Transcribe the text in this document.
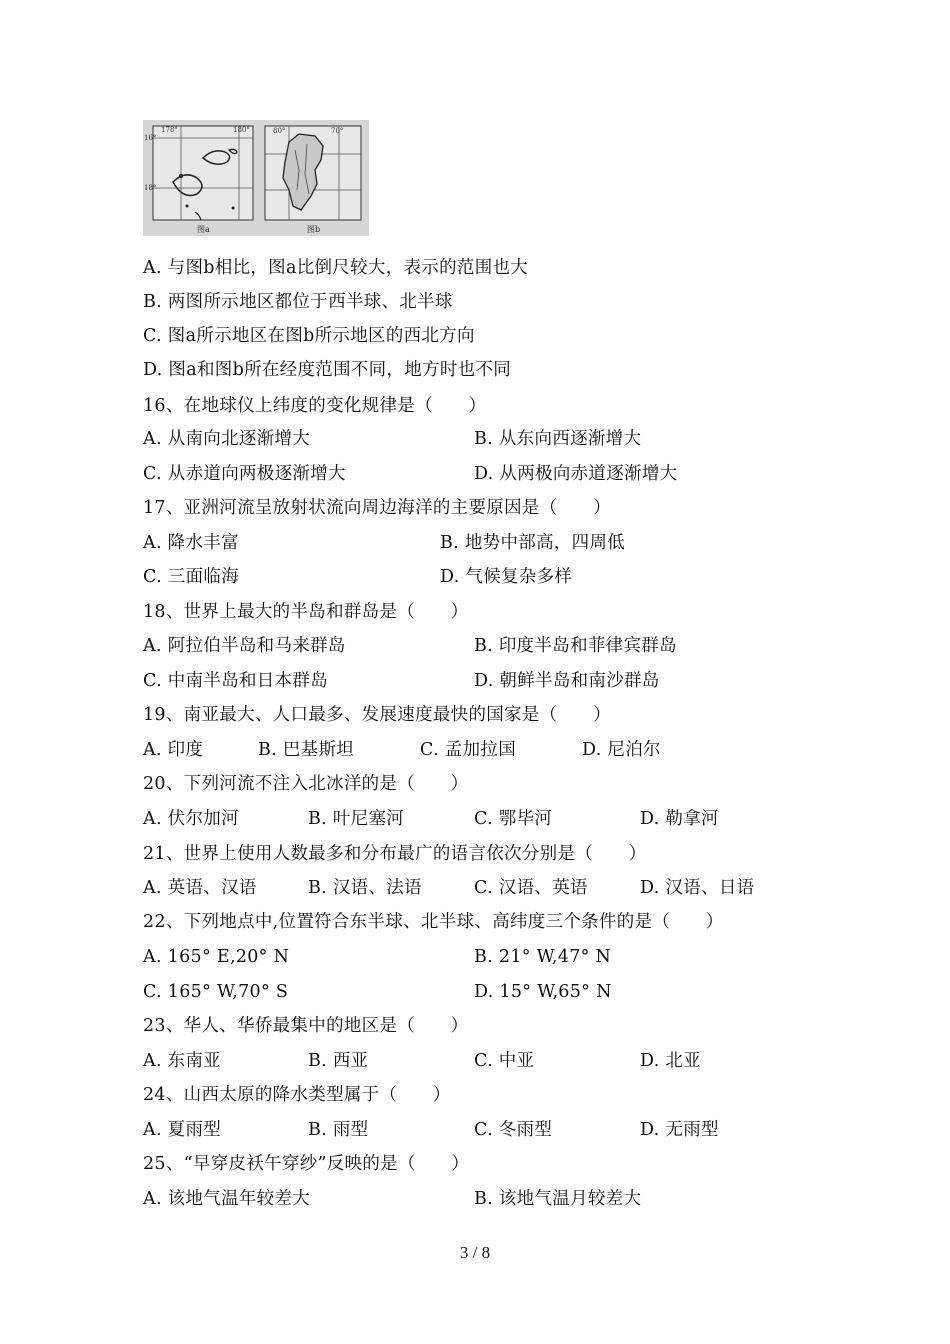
178°	180°
16°
18°
图a
80°	70°
图b
A. 与图b相比，图a比倒尺较大，表示的范围也大
B. 两图所示地区都位于西半球、北半球
C. 图a所示地区在图b所示地区的西北方向
D. 图a和图b所在经度范围不同，地方时也不同
16、在地球仪上纬度的变化规律是（　　）
A. 从南向北逐渐增大	B. 从东向西逐渐增大
C. 从赤道向两极逐渐增大	D. 从两极向赤道逐渐增大
17、亚洲河流呈放射状流向周边海洋的主要原因是（　　）
A. 降水丰富	B. 地势中部高，四周低
C. 三面临海	D. 气候复杂多样
18、世界上最大的半岛和群岛是（　　）
A. 阿拉伯半岛和马来群岛	B. 印度半岛和菲律宾群岛
C. 中南半岛和日本群岛	D. 朝鲜半岛和南沙群岛
19、南亚最大、人口最多、发展速度最快的国家是（　　）
A. 印度	B. 巴基斯坦	C. 孟加拉国	D. 尼泊尔
20、下列河流不注入北冰洋的是（　　）
A. 伏尔加河	B. 叶尼塞河	C. 鄂毕河	D. 勒拿河
21、世界上使用人数最多和分布最广的语言依次分别是（　　）
A. 英语、汉语	B. 汉语、法语	C. 汉语、英语	D. 汉语、日语
22、下列地点中,位置符合东半球、北半球、高纬度三个条件的是（　　）
A. 165° E,20° N	B. 21° W,47° N
C. 165° W,70° S	D. 15° W,65° N
23、华人、华侨最集中的地区是（　　）
A. 东南亚	B. 西亚	C. 中亚	D. 北亚
24、山西太原的降水类型属于（　　）
A. 夏雨型	B. 雨型	C. 冬雨型	D. 无雨型
25、“早穿皮袄午穿纱”反映的是（　　）
A. 该地气温年较差大	B. 该地气温月较差大
3 / 8
